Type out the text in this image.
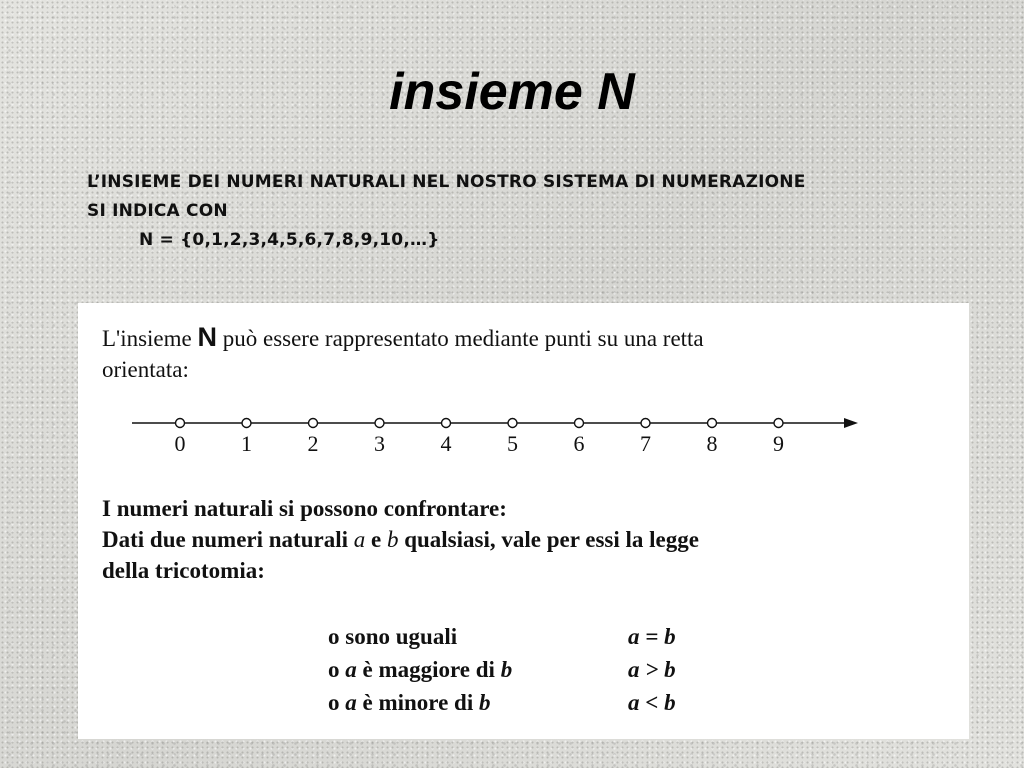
insieme N
L’INSIEME DEI NUMERI NATURALI NEL NOSTRO SISTEMA DI NUMERAZIONE
SI INDICA CON
N = {0,1,2,3,4,5,6,7,8,9,10,…}

L'insieme N può essere rappresentato mediante punti su una retta
orientata:

0	1	2	3	4	5	6	7	8	9

I numeri naturali si possono confrontare:
Dati due numeri naturali a e b qualsiasi, vale per essi la legge
della tricotomia:

o sono uguali	a = b
o a è maggiore di b	a > b
o a è minore di b	a < b
